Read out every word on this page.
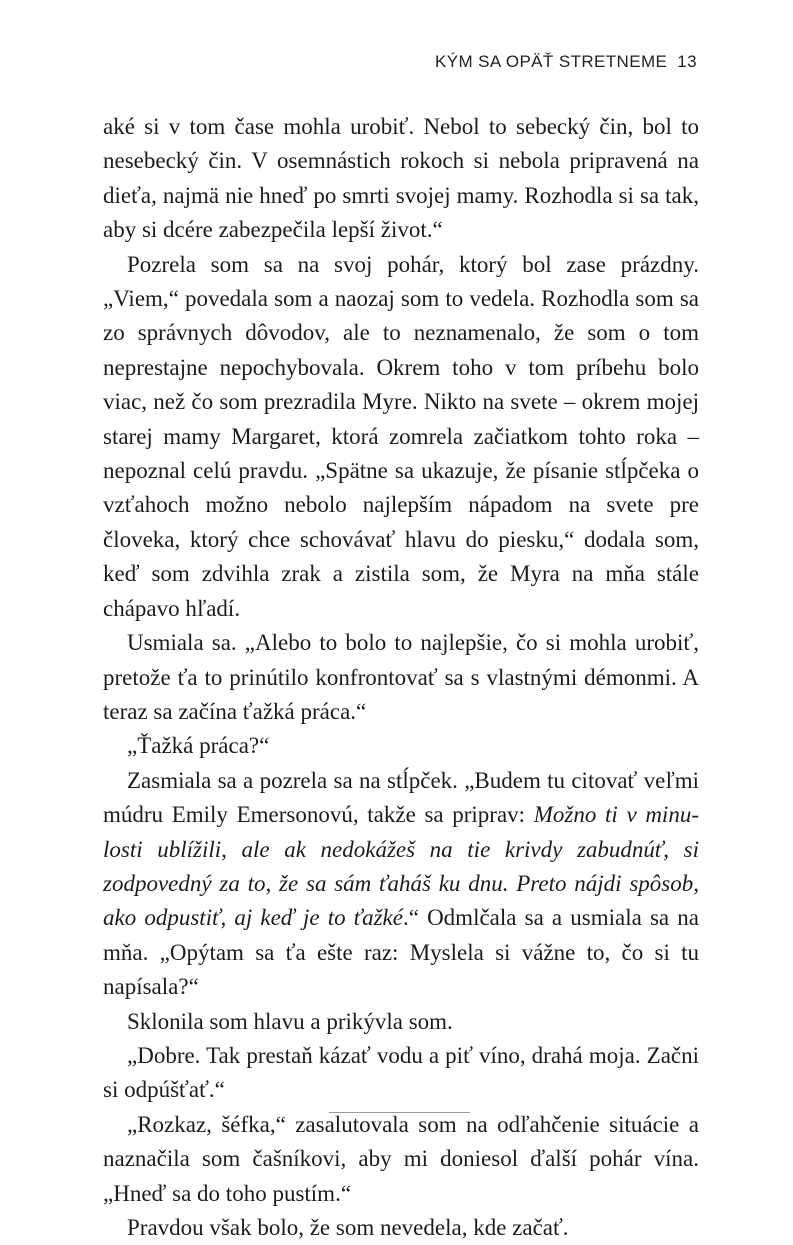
KÝM SA OPÄŤ STRETNEME 13

aké si v tom čase mohla urobiť. Nebol to sebecký čin, bol to nesebecký čin. V osemnástich rokoch si nebola pripravená na dieťa, najmä nie hneď po smrti svojej mamy. Rozhodla si sa tak, aby si dcére zabezpečila lepší život.“

Pozrela som sa na svoj pohár, ktorý bol zase prázdny. „Viem,“ povedala som a naozaj som to vedela. Rozhodla som sa zo správnych dôvodov, ale to neznamenalo, že som o tom neprestajne nepochybovala. Okrem toho v tom príbehu bolo viac, než čo som prezradila Myre. Nikto na svete – okrem mojej starej mamy Margaret, ktorá zomrela začiatkom tohto roka – nepoznal celú pravdu. „Spätne sa ukazuje, že písanie stĺpčeka o vzťahoch možno nebolo najlepším nápadom na svete pre človeka, ktorý chce schovávať hlavu do piesku,“ dodala som, keď som zdvihla zrak a zistila som, že Myra na mňa stále chápavo hľadí.

Usmiala sa. „Alebo to bolo to najlepšie, čo si mohla urobiť, pretože ťa to prinútilo konfrontovať sa s vlastnými démonmi. A teraz sa začína ťažká práca.“

„Ťažká práca?“

Zasmiala sa a pozrela sa na stĺpček. „Budem tu citovať veľmi múdru Emily Emersonovú, takže sa priprav: Možno ti v minulosti ublížili, ale ak nedokážeš na tie krivdy zabudnúť, si zodpovedný za to, že sa sám ťaháš ku dnu. Preto nájdi spôsob, ako odpustiť, aj keď je to ťažké.“ Odmlčala sa a usmiala sa na mňa. „Opýtam sa ťa ešte raz: Myslela si vážne to, čo si tu napísala?“

Sklonila som hlavu a prikývla som.

„Dobre. Tak prestaň kázať vodu a piť víno, drahá moja. Začni si odpúšťať.“

„Rozkaz, šéfka,“ zasalutovala som na odľahčenie situácie a naznačila som čašníkovi, aby mi doniesol ďalší pohár vína. „Hneď sa do toho pustím.“

Pravdou však bolo, že som nevedela, kde začať.
